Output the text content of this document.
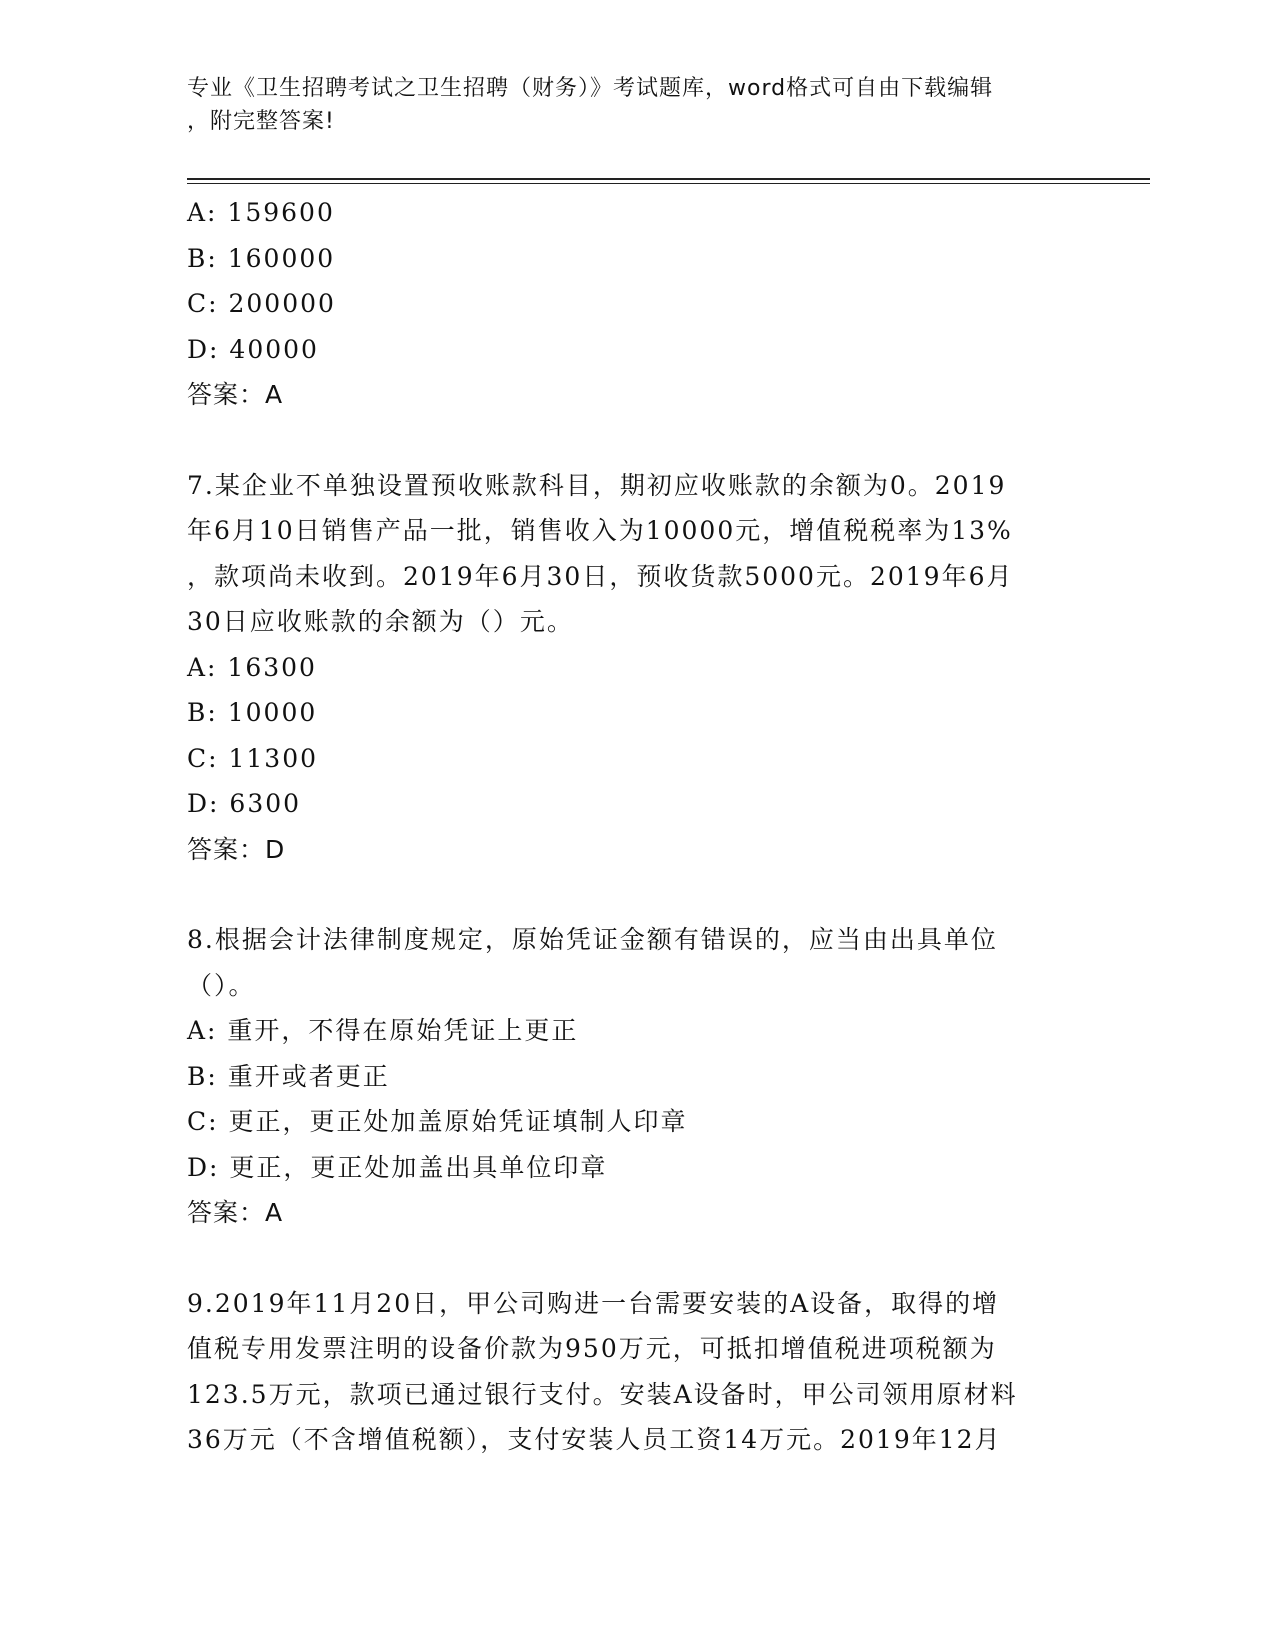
专业《卫生招聘考试之卫生招聘（财务）》考试题库，word格式可自由下载编辑
，附完整答案!
A: 159600
B: 160000
C: 200000
D: 40000
答案：A
7.某企业不单独设置预收账款科目，期初应收账款的余额为0。2019
年6月10日销售产品一批，销售收入为10000元，增值税税率为13%
，款项尚未收到。2019年6月30日，预收货款5000元。2019年6月
30日应收账款的余额为（）元。
A: 16300
B: 10000
C: 11300
D: 6300
答案：D
8.根据会计法律制度规定，原始凭证金额有错误的，应当由出具单位
（）。
A: 重开，不得在原始凭证上更正
B: 重开或者更正
C: 更正，更正处加盖原始凭证填制人印章
D: 更正，更正处加盖出具单位印章
答案：A
9.2019年11月20日，甲公司购进一台需要安装的A设备，取得的增
值税专用发票注明的设备价款为950万元，可抵扣增值税进项税额为
123.5万元，款项已通过银行支付。安装A设备时，甲公司领用原材料
36万元（不含增值税额），支付安装人员工资14万元。2019年12月
